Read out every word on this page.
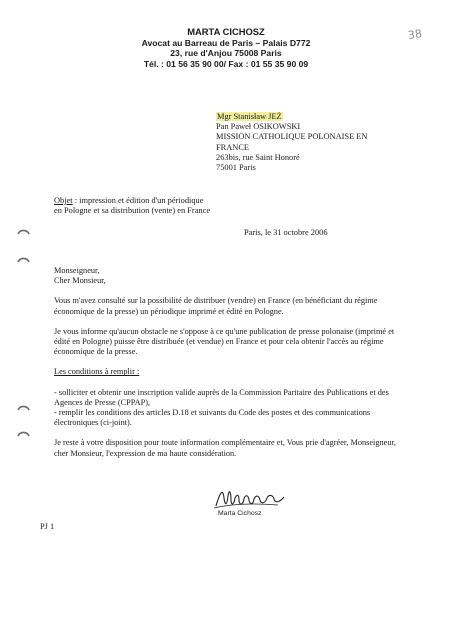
MARTA CICHOSZ
Avocat au Barreau de Paris – Palais D772
23, rue d'Anjou 75008 Paris
Tél. : 01 56 35 90 00/ Fax : 01 55 35 90 09
38
Mgr Stanisław JEŻ
Pan Paweł OSIKOWSKI
MISSION CATHOLIQUE POLONAISE EN
FRANCE
263bis, rue Saint Honoré
75001 Paris
Objet : impression et édition d'un périodique
en Pologne et sa distribution (vente) en France
Paris, le 31 octobre 2006
Monseigneur,
Cher Monsieur,

Vous m'avez consulté sur la possibilité de distribuer (vendre) en France (en bénéficiant du régime économique de la presse) un périodique imprimé et édité en Pologne.

Je vous informe qu'aucun obstacle ne s'oppose à ce qu'une publication de presse polonaise (imprimé et édité en Pologne) puisse être distribuée (et vendue) en France et pour cela obtenir l'accès au régime économique de la presse.

Les conditions à remplir :

- solliciter et obtenir une inscription valide auprès de la Commission Paritaire des Publications et des Agences de Presse (CPPAP),

- remplir les conditions des articles D.18 et suivants du Code des postes et des communications électroniques (ci-joint).

Je reste à votre disposition pour toute information complémentaire et, Vous prie d'agréer, Monseigneur, cher Monsieur, l'expression de ma haute considération.

Marta Cichosz
PJ 1
